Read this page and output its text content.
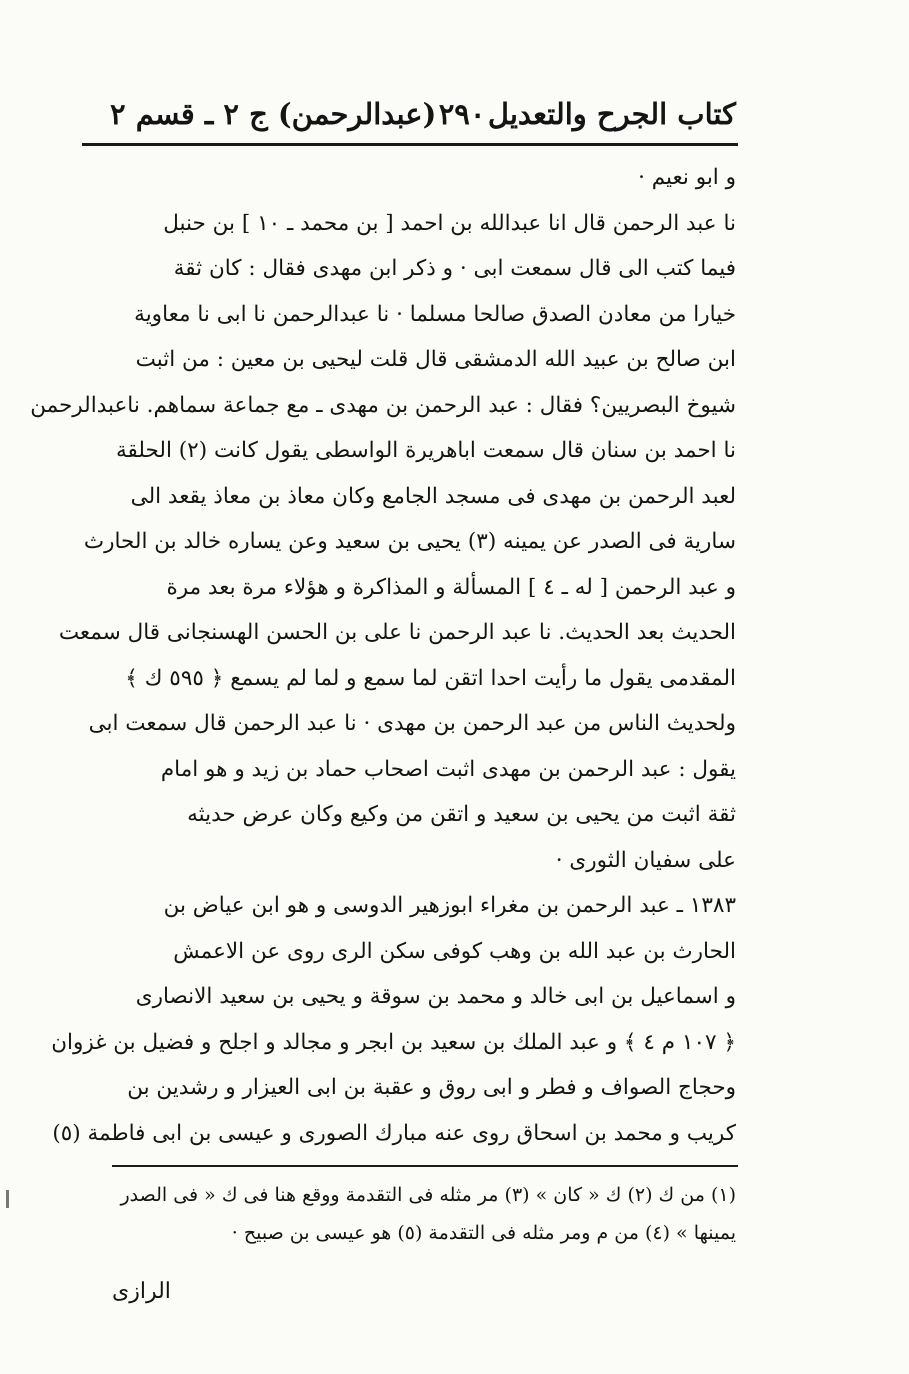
كتاب الجرح والتعديل
٢٩٠
(عبدالرحمن) ج ٢ ـ قسم ٢
و ابو نعيم ·
نا عبد الرحمن قال انا عبدالله بن احمد [ بن محمد ـ ١٠ ] بن حنبل
فيما كتب الى قال سمعت ابى · و ذكر ابن مهدى فقال : كان ثقة
خيارا من معادن الصدق صالحا مسلما · نا عبدالرحمن نا ابى نا معاوية
ابن صالح بن عبيد الله الدمشقى قال قلت ليحيى بن معين : من اثبت
شيوخ البصريين؟ فقال : عبد الرحمن بن مهدى ـ مع جماعة سماهم. ناعبدالرحمن
نا احمد بن سنان قال سمعت اباهريرة الواسطى يقول كانت (٢) الحلقة
لعبد الرحمن بن مهدى فى مسجد الجامع وكان معاذ بن معاذ يقعد الى
سارية فى الصدر عن يمينه (٣) يحيى بن سعيد وعن يساره خالد بن الحارث
و عبد الرحمن [ له ـ ٤ ] المسألة و المذاكرة و هؤلاء مرة بعد مرة
الحديث بعد الحديث. نا عبد الرحمن نا على بن الحسن الهسنجانى قال سمعت
المقدمى يقول ما رأيت احدا اتقن لما سمع و لما لم يسمع ﴿ ٥٩٥ ك ﴾
ولحديث الناس من عبد الرحمن بن مهدى · نا عبد الرحمن قال سمعت ابى
يقول : عبد الرحمن بن مهدى اثبت اصحاب حماد بن زيد و هو امام
ثقة اثبت من يحيى بن سعيد و اتقن من وكيع وكان عرض حديثه
على سفيان الثورى ·
١٣٨٣ ـ عبد الرحمن بن مغراء ابوزهير الدوسى و هو ابن عياض بن
الحارث بن عبد الله بن وهب كوفى سكن الرى روى عن الاعمش
و اسماعيل بن ابى خالد و محمد بن سوقة و يحيى بن سعيد الانصارى
﴿ ١٠٧ م ٤ ﴾ و عبد الملك بن سعيد بن ابجر و مجالد و اجلح و فضيل بن غزوان
وحجاج الصواف و فطر و ابى روق و عقبة بن ابى العيزار و رشدين بن
كريب و محمد بن اسحاق روى عنه مبارك الصورى و عيسى بن ابى فاطمة (٥)
(١) من ك (٢) ك « كان » (٣) مر مثله فى التقدمة ووقع هنا فى ك « فى الصدر
يمينها » (٤) من م ومر مثله فى التقدمة (٥) هو عيسى بن صبيح ·
الرازى
